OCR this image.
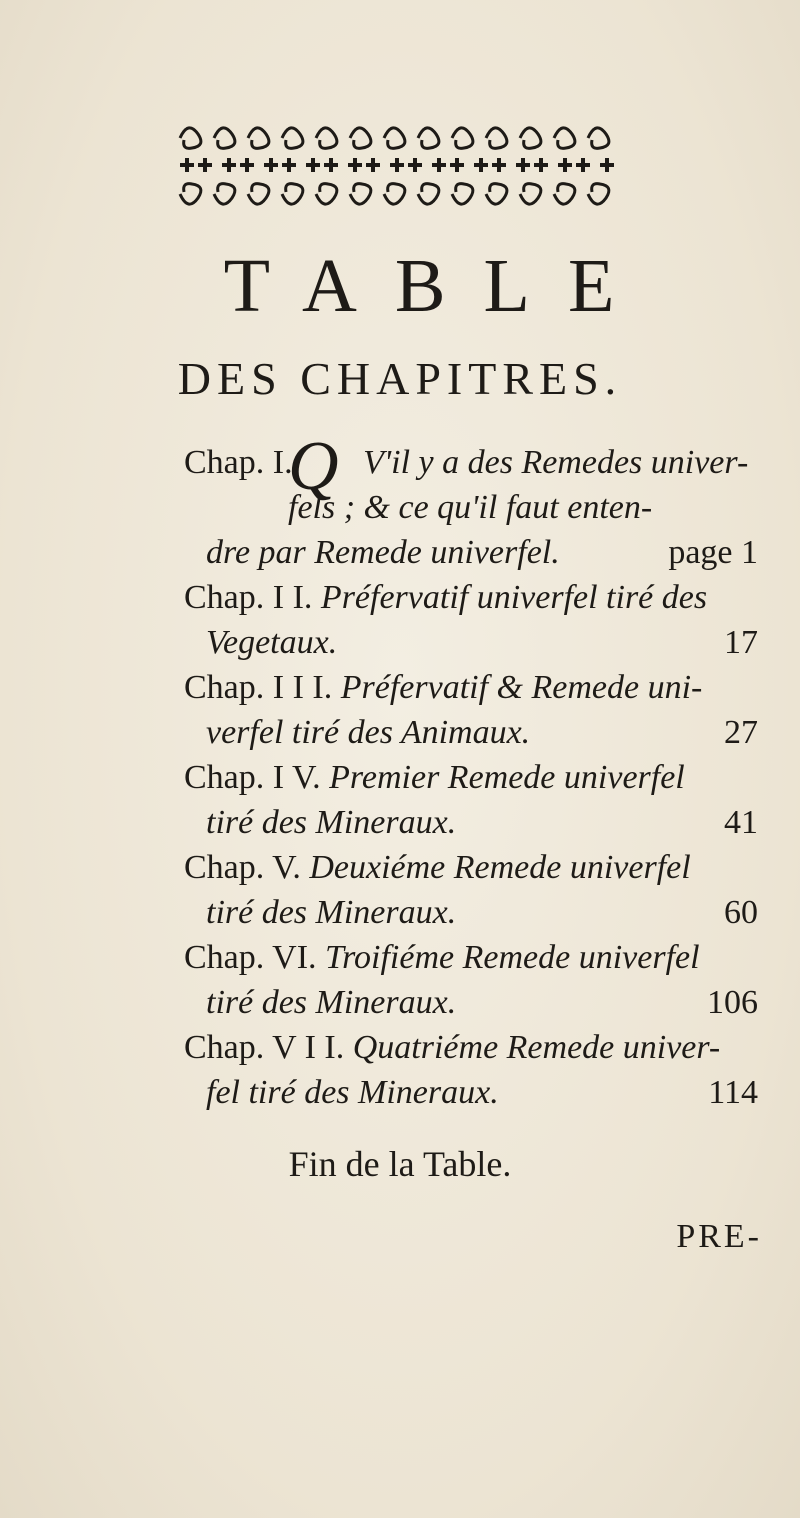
TABLE
DES CHAPITRES.
Chap. I.
Q V'il y a des Remedes univer-
fels ; & ce qu'il faut enten-
dre par Remede univerfel.	page 1
Chap. I I. Préfervatif univerfel tiré des
Vegetaux.	17
Chap. I I I. Préfervatif & Remede uni-
verfel tiré des Animaux.	27
Chap. I V. Premier Remede univerfel
tiré des Mineraux.	41
Chap. V. Deuxiéme Remede univerfel
tiré des Mineraux.	60
Chap. VI. Troifiéme Remede univerfel
tiré des Mineraux.	106
Chap. V I I. Quatriéme Remede univer-
fel tiré des Mineraux.	114
Fin de la Table.
PRE-
